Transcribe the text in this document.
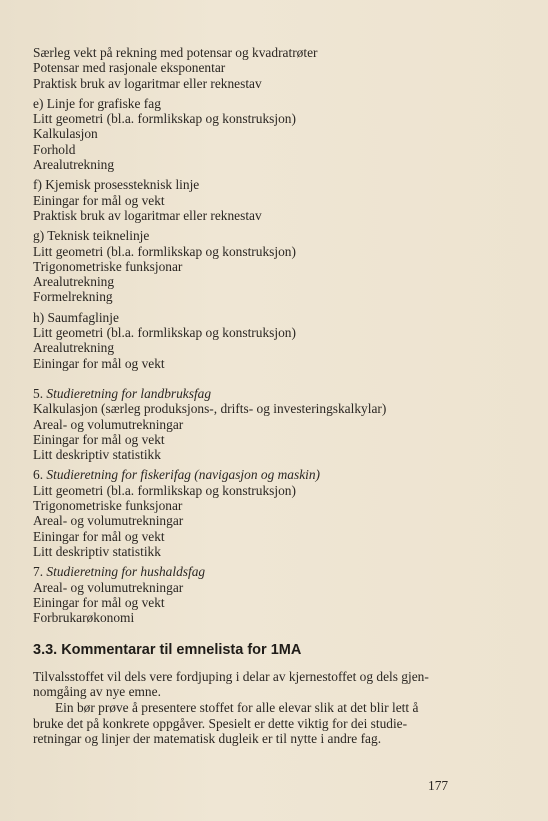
Særleg vekt på rekning med potensar og kvadratrøter
Potensar med rasjonale eksponentar
Praktisk bruk av logaritmar eller reknestav
e) Linje for grafiske fag
Litt geometri (bl.a. formlikskap og konstruksjon)
Kalkulasjon
Forhold
Arealutrekning
f) Kjemisk prosessteknisk linje
Einingar for mål og vekt
Praktisk bruk av logaritmar eller reknestav
g) Teknisk teiknelinje
Litt geometri (bl.a. formlikskap og konstruksjon)
Trigonometriske funksjonar
Arealutrekning
Formelrekning
h) Saumfaglinje
Litt geometri (bl.a. formlikskap og konstruksjon)
Arealutrekning
Einingar for mål og vekt
5. Studieretning for landbruksfag
Kalkulasjon (særleg produksjons-, drifts- og investeringskalkylar)
Areal- og volumutrekningar
Einingar for mål og vekt
Litt deskriptiv statistikk
6. Studieretning for fiskerifag (navigasjon og maskin)
Litt geometri (bl.a. formlikskap og konstruksjon)
Trigonometriske funksjonar
Areal- og volumutrekningar
Einingar for mål og vekt
Litt deskriptiv statistikk
7. Studieretning for hushaldsfag
Areal- og volumutrekningar
Einingar for mål og vekt
Forbrukarøkonomi
3.3. Kommentarar til emnelista for 1MA
Tilvalsstoffet vil dels vere fordjuping i delar av kjernestoffet og dels gjen-
nomgåing av nye emne.
Ein bør prøve å presentere stoffet for alle elevar slik at det blir lett å
bruke det på konkrete oppgåver. Spesielt er dette viktig for dei studie-
retningar og linjer der matematisk dugleik er til nytte i andre fag.
177
